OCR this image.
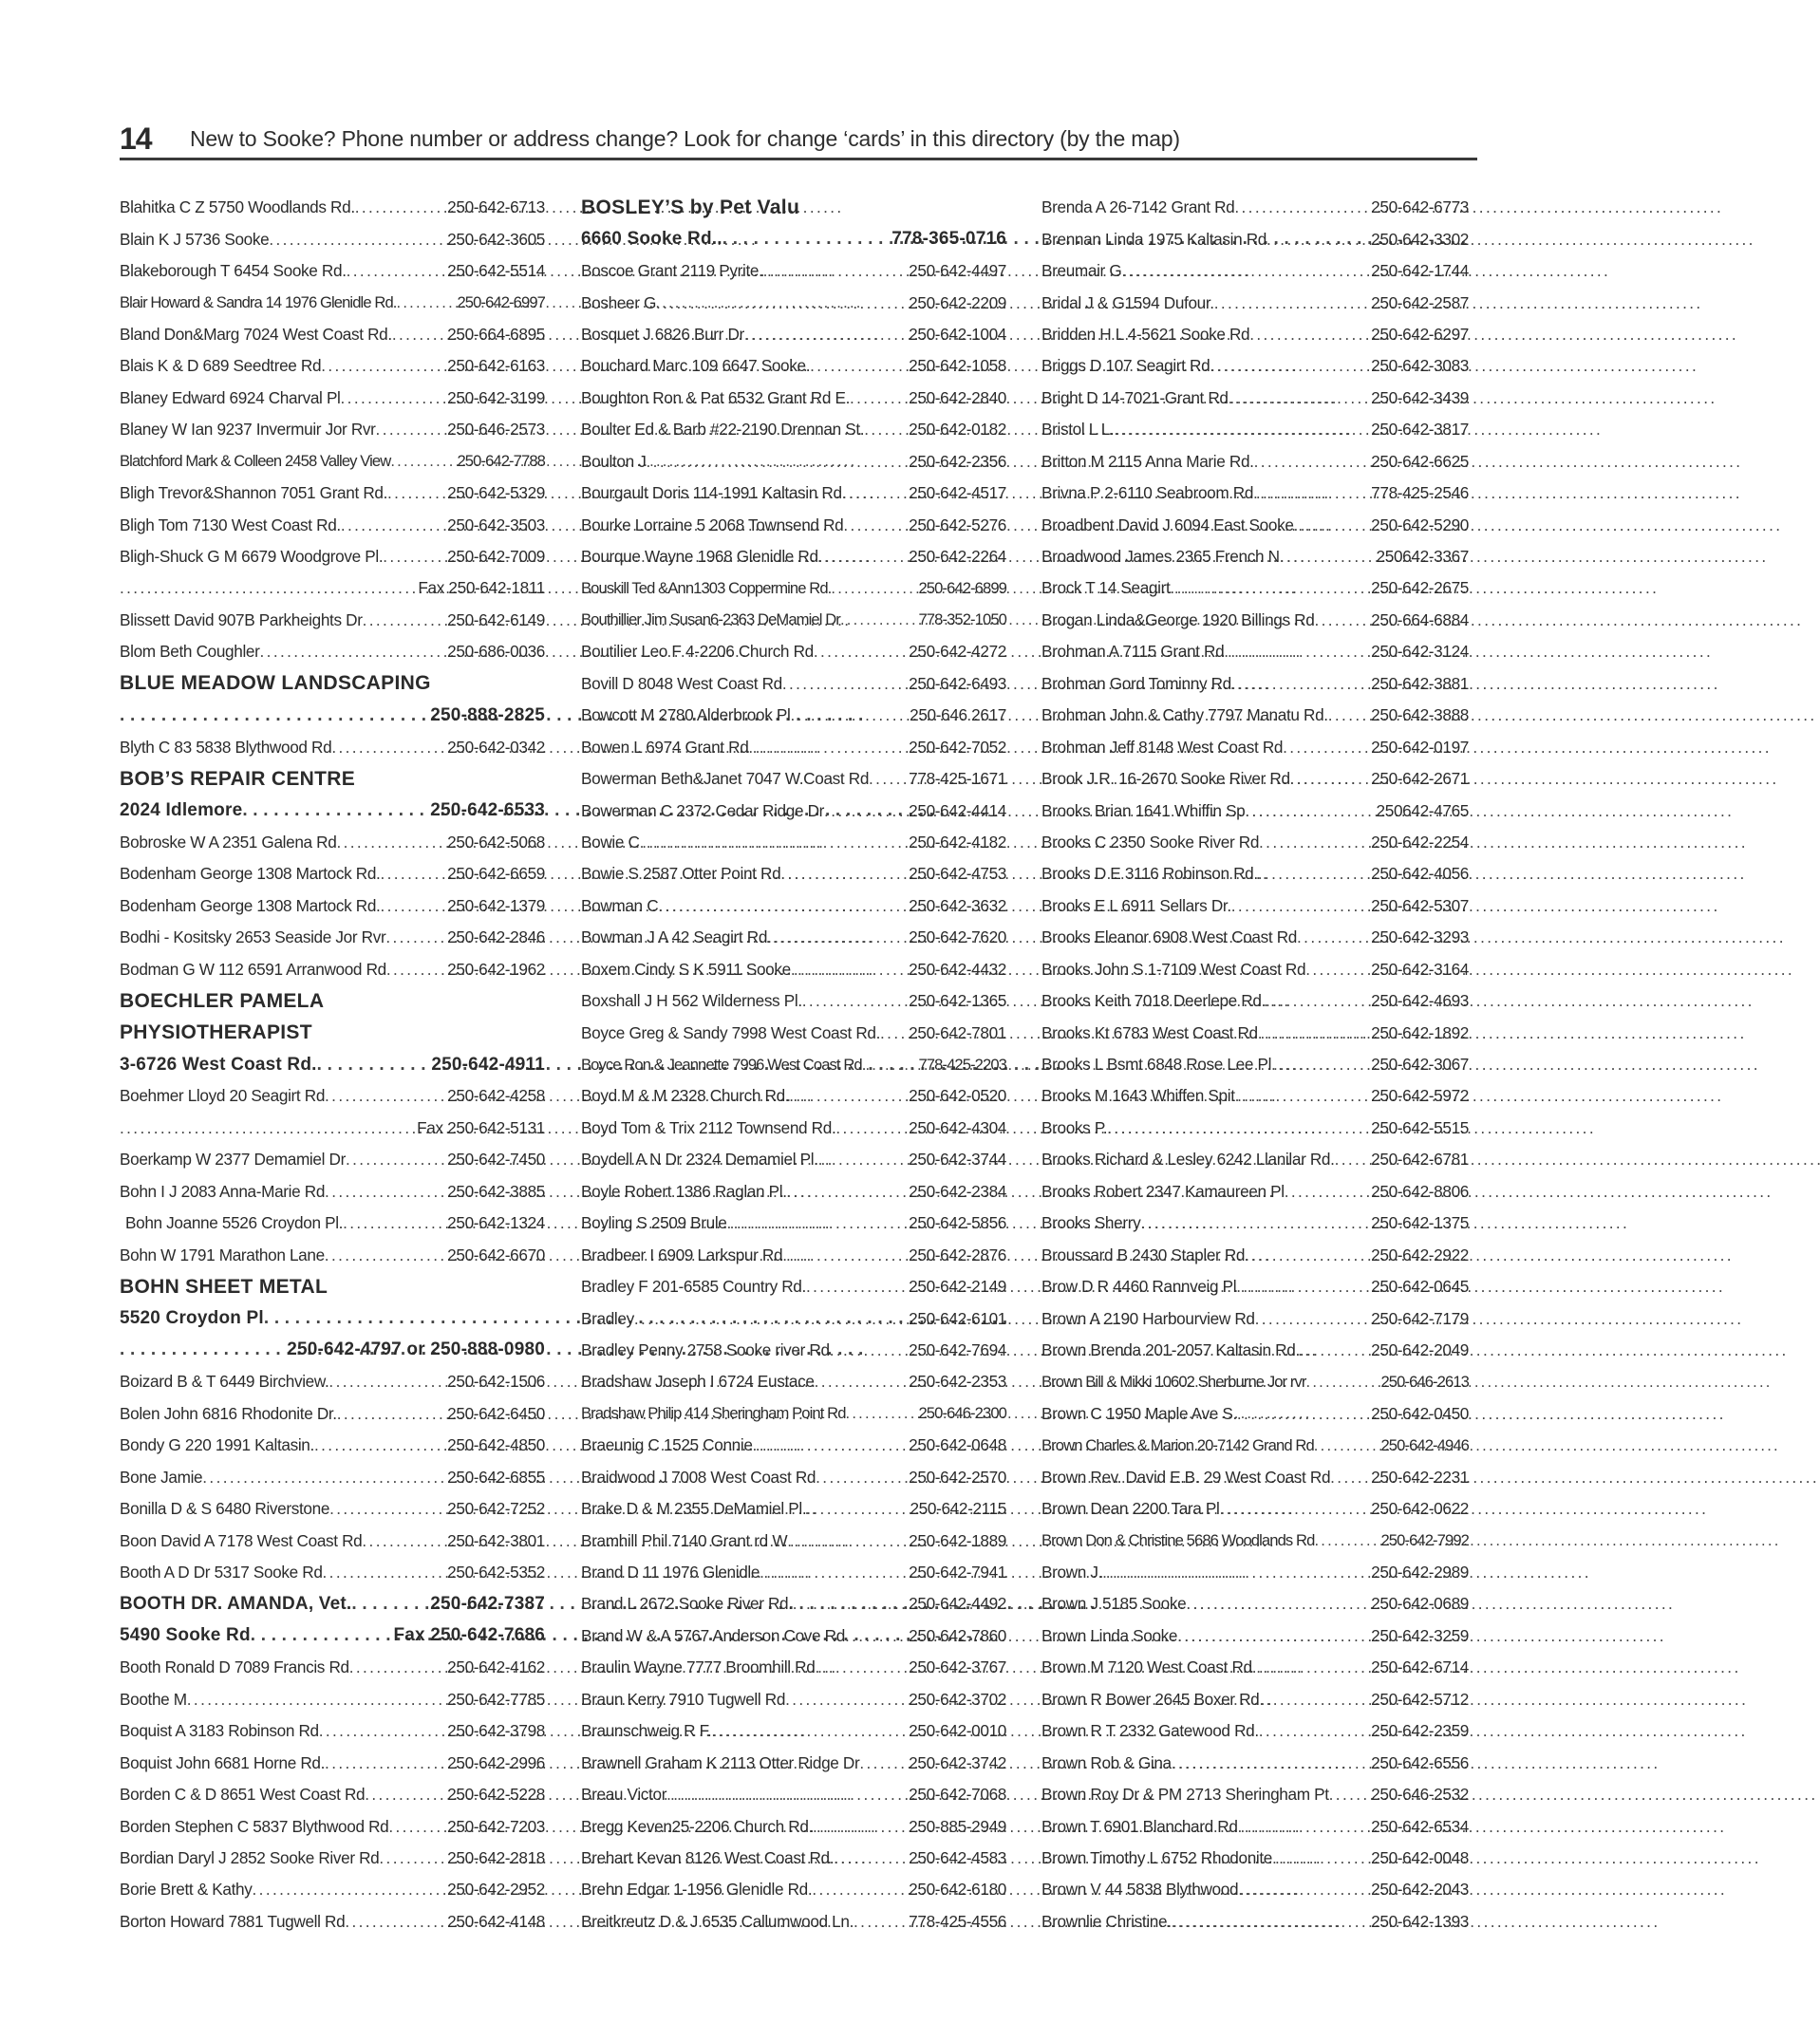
14	New to Sooke? Phone number or address change? Look for change ‘cards’ in this directory (by the map)
Blahitka C Z 5750 Woodlands Rd. . . .	250-642-6713
Blain K J 5736 Sooke . . .	250-642-3605
Blakeborough T 6454 Sooke Rd. . . .	250-642-5514
Blair Howard & Sandra 14 1976 Glenidle Rd. . . .	250-642-6997
Bland Don&Marg 7024 West Coast Rd. . . .	250-664-6895
Blais K & D 689 Seedtree Rd . . .	250-642-6163
Blaney Edward 6924 Charval Pl . . .	250-642-3199
Blaney W Ian 9237 Invermuir Jor Rvr . . .	250-646-2573
Blatchford Mark & Colleen 2458 Valley View . . .	250-642-7788
Bligh Trevor&Shannon 7051 Grant Rd. . . .	250-642-5329
Bligh Tom 7130 West Coast Rd. . . .	250-642-3503
Bligh-Shuck G M 6679 Woodgrove Pl. . . .	250-642-7009
. . .
Fax 250-642-1811
Blissett David 907B Parkheights Dr . . .	250-642-6149
Blom Beth Coughler . . .	250-686-0036
BLUE MEADOW LANDSCAPING
. . .
250-888-2825
Blyth C 83 5838 Blythwood Rd . . .	250-642-0342
BOB’S REPAIR CENTRE
2024 Idlemore . . .	250-642-6533
Bobroske W A 2351 Galena Rd . . .	250-642-5068
Bodenham George 1308 Martock Rd. . . .	250-642-6659
Bodenham George 1308 Martock Rd. . . .	250-642-1379
Bodhi - Kositsky 2653 Seaside Jor Rvr . . .	250-642-2846
Bodman G W 112 6591 Arranwood Rd . . .	250-642-1962
BOECHLER PAMELA
PHYSIOTHERAPIST
3-6726 West Coast Rd. . . .	250-642-4911
Boehmer Lloyd 20 Seagirt Rd . . .	250-642-4258
. . .
Fax 250-642-5131
Boerkamp W 2377 Demamiel Dr . . .	250-642-7450
Bohn I J 2083 Anna-Marie Rd . . .	250-642-3885
Bohn Joanne 5526 Croydon Pl. . . .	250-642-1324
Bohn W 1791 Marathon Lane . . .	250-642-6670
BOHN SHEET METAL
5520 Croydon Pl
. . .
. . .
250-642-4797 or 250-888-0980
Boizard B & T 6449 Birchview. . . .	250-642-1506
Bolen John 6816 Rhodonite Dr. . . .	250-642-6450
Bondy G 220 1991 Kaltasin. . . .	250-642-4850
Bone Jamie . . .	250-642-6855
Bonilla D & S 6480 Riverstone . . .	250-642-7252
Boon David A 7178 West Coast Rd . . .	250-642-3801
Booth A D Dr 5317 Sooke Rd . . .	250-642-5352
BOOTH DR. AMANDA, Vet. . . .	250-642-7387
5490 Sooke Rd . . .	Fax 250-642-7686
Booth Ronald D 7089 Francis Rd . . .	250-642-4162
Boothe M . . .	250-642-7785
Boquist A 3183 Robinson Rd . . .	250-642-3798
Boquist John 6681 Horne Rd. . . .	250-642-2996
Borden C & D 8651 West Coast Rd . . .	250-642-5228
Borden Stephen C 5837 Blythwood Rd . . .	250-642-7203
Bordian Daryl J 2852 Sooke River Rd . . .	250-642-2818
Borie Brett & Kathy . . .	250-642-2952
Borton Howard 7881 Tugwell Rd . . .	250-642-4148
BOSLEY’S by Pet Valu
6660 Sooke Rd.. . . .	778-365-0716
Boscoe Grant 2119 Pyrite. . . .	250-642-4497
Bosheer G . . .	250-642-2209
Bosquet J 6826 Burr Dr . . .	250-642-1004
Bouchard Marc 109 6647 Sooke. . . .	250-642-1058
Boughton Ron & Pat 6532 Grant Rd E. . . .	250-642-2840
Boulter Ed & Barb #22-2190 Drennan St. . . .	250-642-0182
Boulton J . . .	250-642-2356
Bourgault Doris 114-1991 Kaltasin Rd . . .	250-642-4517
Bourke Lorraine 5 2068 Townsend Rd . . .	250-642-5276
Bourque Wayne 1968 Glenidle Rd . . .	250-642-2264
Bouskill Ted &Ann1303 Coppermine Rd. . . .	250-642-6899
Bouthillier Jim Susan6-2363 DeMamiel Dr . . .	778-352-1050
Boutilier Leo F 4-2206 Church Rd . . .	250-642-4272
Bovill D 8048 West Coast Rd . . .	250-642-6493
Bowcott M 2780 Alderbrook Pl . . .	250-646 2617
Bowen L 6974 Grant Rd . . .	250-642-7052
Bowerman Beth&Janet 7047 W.Coast Rd . . . 778-425-1671
Bowerman C 2372 Cedar Ridge Dr . . .	250-642-4414
Bowie C . . .	250-642-4182
Bowie S 2587 Otter Point Rd . . .	250-642-4753
Bowman C . . .	250-642-3632
Bowman J A 42 Seagirt Rd . . .	250-642-7620
Boxem Cindy S K 5911 Sooke . . .	250-642-4432
Boxshall J H 562 Wilderness Pl. . . .	250-642-1365
Boyce Greg & Sandy 7998 West Coast Rd. . . . 250-642-7801
Boyce Ron & Jeannette 7996 West Coast Rd. . . .	778-425-2203
Boyd M & M 2328 Church Rd. . . .	250-642-0520
Boyd Tom & Trix 2112 Townsend Rd. . . .	250-642-4304
Boydell A N Dr 2324 Demamiel Pl. . . .	250-642-3744
Boyle Robert 1386 Raglan Pl. . . .	250-642-2384
Boyling S 2509 Brule . . .	250-642-5856
Bradbeer I 6909 Larkspur Rd . . .	250-642-2876
Bradley F 201-6585 Country Rd. . . .	250-642-2149
Bradley . . .	250-642-6101
Bradley Penny 2758 Sooke river Rd . . .	250-642-7694
Bradshaw Joseph I 6724 Eustace . . .	250-642-2353
Bradshaw Philip 414 Sheringham Point Rd . . .	250-646-2300
Braeunig C 1525 Connie . . .	250-642-0648
Braidwood J 7008 West Coast Rd . . .	250-642-2570
Brake D & M 2355 DeMamiel Pl. . . .	250-642-2115
Bramhill Phil 7140 Grant rd W . . .	250-642-1889
Brand D 11 1976 Glenidle . . .	250-642-7941
Brand L 2672 Sooke River Rd. . . .	250-642-4492
Brand W & A 5767 Anderson Cove Rd . . .	250-642-7860
Braulin Wayne 7777 Broomhill Rd . . .	250-642-3767
Braun Kerry 7910 Tugwell Rd . . .	250-642-3702
Braunschweig R F. . . .	250-642-0010
Brawnell Graham K 2113 Otter Ridge Dr . . .	250-642-3742
Breau Victor . . .	250-642-7068
Bregg Keven25-2206 Church Rd. . . .	250-885-2949
Brehart Kevan 8126 West Coast Rd. . . .	250-642-4583
Brehn Edgar 1-1956 Glenidle Rd. . . .	250-642-6180
Breitkreutz D & J 6535 Callumwood Ln. . . .	778-425-4556
Brenda A 26-7142 Grant Rd . . .	250-642-6773
Brennan Linda 1975 Kaltasin Rd . . .	250-642-3302
Breumair G . . .	250-642-1744
Bridal J & G1594 Dufour. . . .	250-642-2587
Bridden H L 4-5621 Sooke Rd . . .	250-642-6297
Briggs D 107 Seagirt Rd . . .	250-642-3083
Bright D 14-7021-Grant Rd . . .	250-642-3439
Bristol L L. . . .	250-642-3817
Britton M 2115 Anna Marie Rd. . . .	250-642-6625
Brivna P 2-6110 Seabroom Rd . . .	778-425-2546
Broadbent David J 6094 East Sooke . . .	250-642-5290
Broadwood James 2365 French N . . .	250642-3367
Brock T 14 Seagirt . . .	250-642-2675
Brogan Linda&George 1920 Billings Rd . . .	250-664-6884
Brohman A 7115 Grant Rd . . .	250-642-3124
Brohman Gord Tominny Rd . . .	250-642-3881
Brohman John & Cathy 7797 Manatu Rd. . . .	250-642-3888
Brohman Jeff 8148 West Coast Rd . . .	250-642-0197
Brook J.R. 16-2670 Sooke River Rd . . .	250-642-2671
Brooks Brian 1641 Whiffin Sp . . .	250642-4765
Brooks C 2350 Sooke River Rd . . .	250-642-2254
Brooks D E 3116 Robinson Rd. . . .	250-642-4056
Brooks E L 6911 Sellars Dr. . . .	250-642-5307
Brooks Eleanor 6908 West Coast Rd . . .	250-642-3293
Brooks John S 1-7109 West Coast Rd . . .	250-642-3164
Brooks Keith 7018 Deerlepe Rd. . . .	250-642-4693
Brooks Kt 6783 West Coast Rd . . .	250-642-1892
Brooks L Bsmt 6848 Rose Lee Pl . . .	250-642-3067
Brooks M 1643 Whiffen Spit . . .	250-642-5972
Brooks P. . . .	250-642-5515
Brooks Richard & Lesley 6242 Llanilar Rd. . . . 250-642-6781
Brooks Robert 2347 Kamaureen Pl . . .	250-642-8806
Brooks Sherry . . .	250-642-1375
Broussard B 2430 Stapler Rd . . .	250-642-2922
Brow D R 4460 Rannveig Pl . . .	250-642-0645
Brown A 2190 Harbourview Rd . . .	250-642-7179
Brown Brenda 201-2057 Kaltasin Rd. . . .	250-642-2049
Brown Bill & Mikki 10602 Sherburne Jor rvr . . .	250-646-2613
Brown C 1950 Maple Ave S. . . .	250-642-0450
Brown Charles & Marion 20-7142 Grand Rd . . .	250-642-4946
Brown Rev. David E.B. 29 West Coast Rd . . .	250-642-2231
Brown Dean 2200 Tara Pl . . .	250-642-0622
Brown Don & Christine 5686 Woodlands Rd . . .	250-642-7992
Brown J. . . .	250-642-2989
Brown J 5185 Sooke . . .	250-642-0689
Brown Linda Sooke . . .	250-642-3259
Brown M 7120 West Coast Rd . . .	250-642-6714
Brown R Bower 2645 Boxer Rd . . .	250-642-5712
Brown R T 2332 Gatewood Rd. . . .	250-642-2359
Brown Rob & Gina . . .	250-642-6556
Brown Roy Dr & PM 2713 Sheringham Pt . . .	250-646-2532
Brown T 6901 Blanchard Rd . . .	250-642-6534
Brown Timothy L 6752 Rhodonite . . .	250-642-0048
Brown V 44 5838 Blythwood . . .	250-642-2043
Brownlie Christine. . . .	250-642-1393
